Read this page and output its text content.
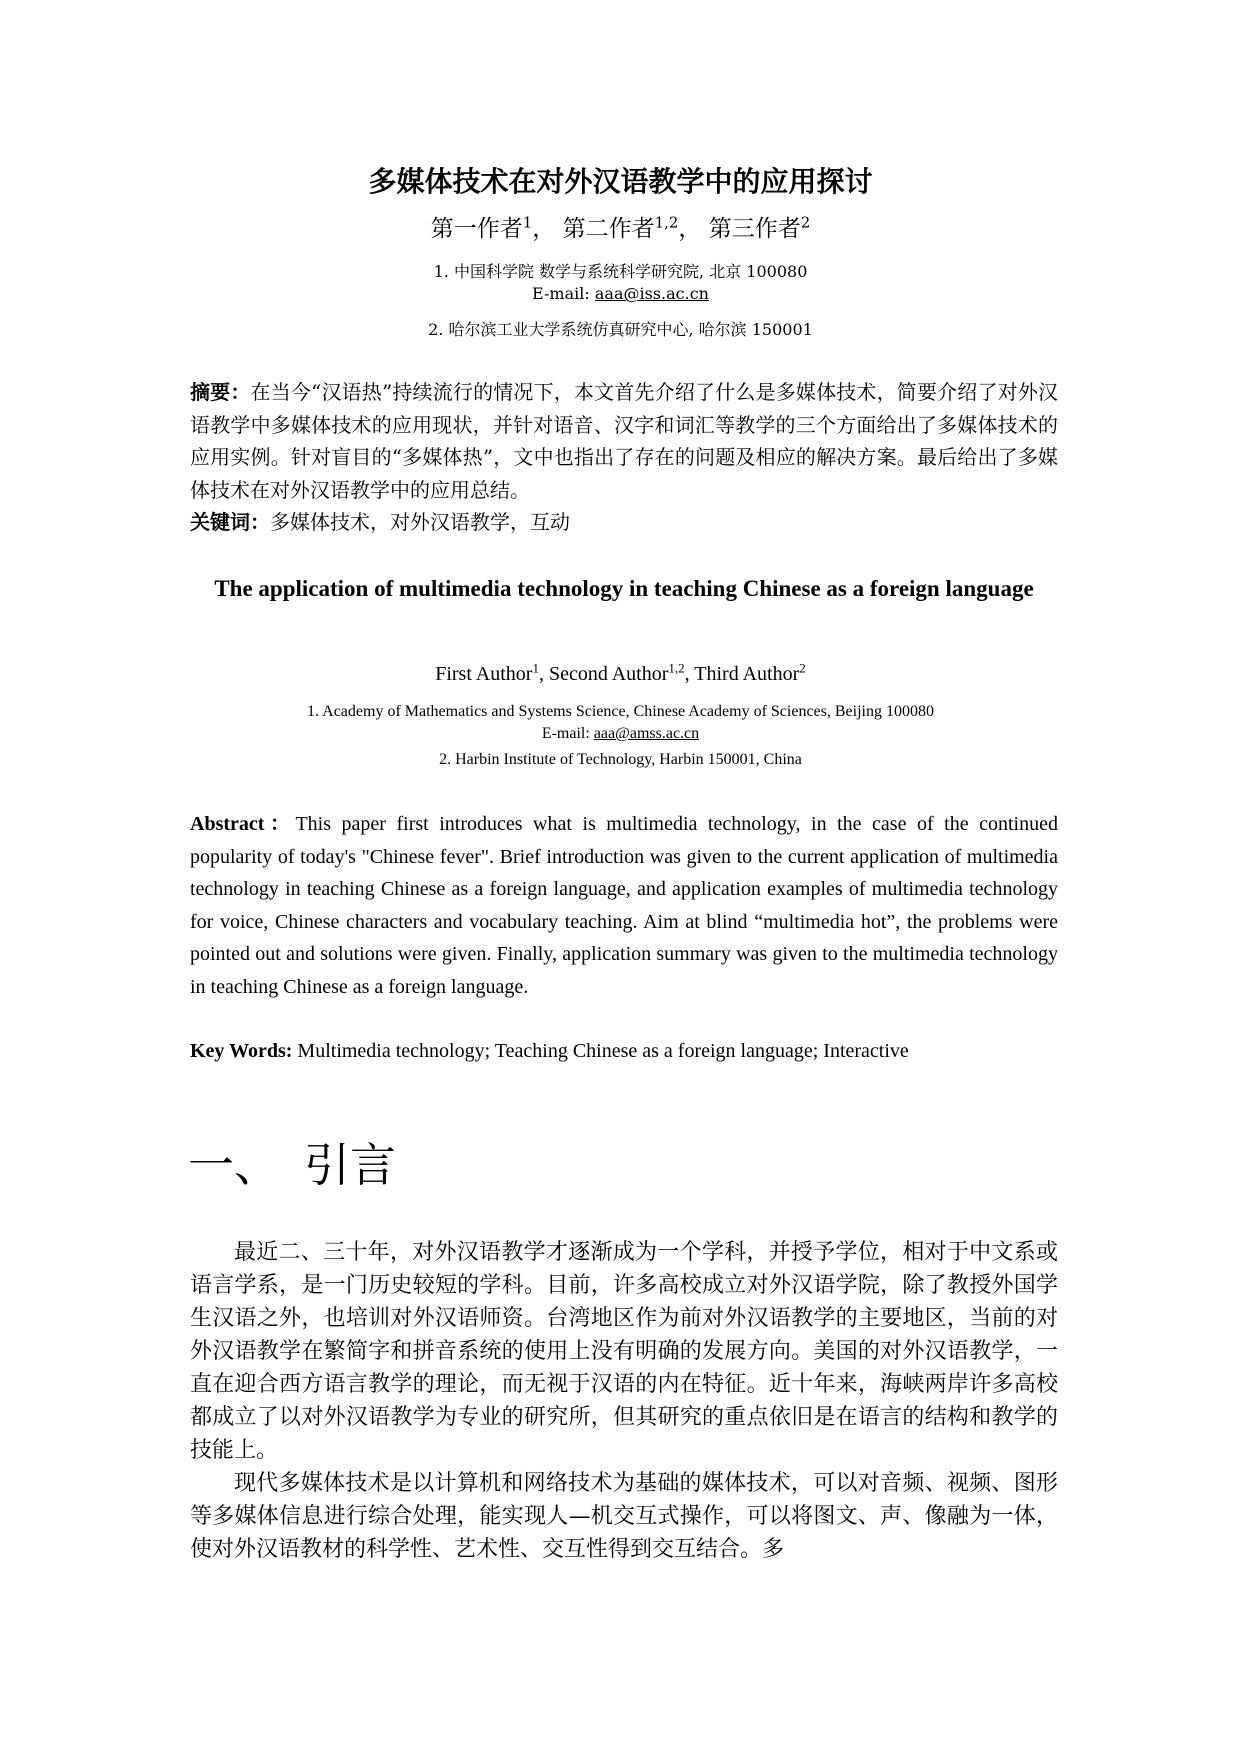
多媒体技术在对外汉语教学中的应用探讨
第一作者$^1$， 第二作者$^{1,2}$， 第三作者$^2$
1. 中国科学院 数学与系统科学研究院, 北京 100080
E-mail: aaa@iss.ac.cn
2. 哈尔滨工业大学系统仿真研究中心, 哈尔滨 150001
摘要：在当今“汉语热”持续流行的情况下，本文首先介绍了什么是多媒体技术，简要介绍了对外汉语教学中多媒体技术的应用现状，并针对语音、汉字和词汇等教学的三个方面给出了多媒体技术的应用实例。针对盲目的“多媒体热”，文中也指出了存在的问题及相应的解决方案。最后给出了多媒体技术在对外汉语教学中的应用总结。
关键词：多媒体技术，对外汉语教学，互动
The application of multimedia technology in teaching Chinese as a foreign language
First Author$^1$, Second Author$^{1,2}$, Third Author$^2$
1. Academy of Mathematics and Systems Science, Chinese Academy of Sciences, Beijing 100080
E-mail: aaa@amss.ac.cn
2. Harbin Institute of Technology, Harbin 150001, China
Abstract：This paper first introduces what is multimedia technology, in the case of the continued popularity of today's "Chinese fever". Brief introduction was given to the current application of multimedia technology in teaching Chinese as a foreign language, and application examples of multimedia technology for voice, Chinese characters and vocabulary teaching. Aim at blind “multimedia hot”, the problems were pointed out and solutions were given. Finally, application summary was given to the multimedia technology in teaching Chinese as a foreign language.
Key Words: Multimedia technology; Teaching Chinese as a foreign language; Interactive
一、 引言

最近二、三十年，对外汉语教学才逐渐成为一个学科，并授予学位，相对于中文系或语言学系，是一门历史较短的学科。目前，许多高校成立对外汉语学院，除了教授外国学生汉语之外，也培训对外汉语师资。台湾地区作为前对外汉语教学的主要地区，当前的对外汉语教学在繁简字和拼音系统的使用上没有明确的发展方向。美国的对外汉语教学，一直在迎合西方语言教学的理论，而无视于汉语的内在特征。近十年来，海峡两岸许多高校都成立了以对外汉语教学为专业的研究所，但其研究的重点依旧是在语言的结构和教学的技能上。

现代多媒体技术是以计算机和网络技术为基础的媒体技术，可以对音频、视频、图形等多媒体信息进行综合处理，能实现人—机交互式操作，可以将图文、声、像融为一体，使对外汉语教材的科学性、艺术性、交互性得到交互结合。多
